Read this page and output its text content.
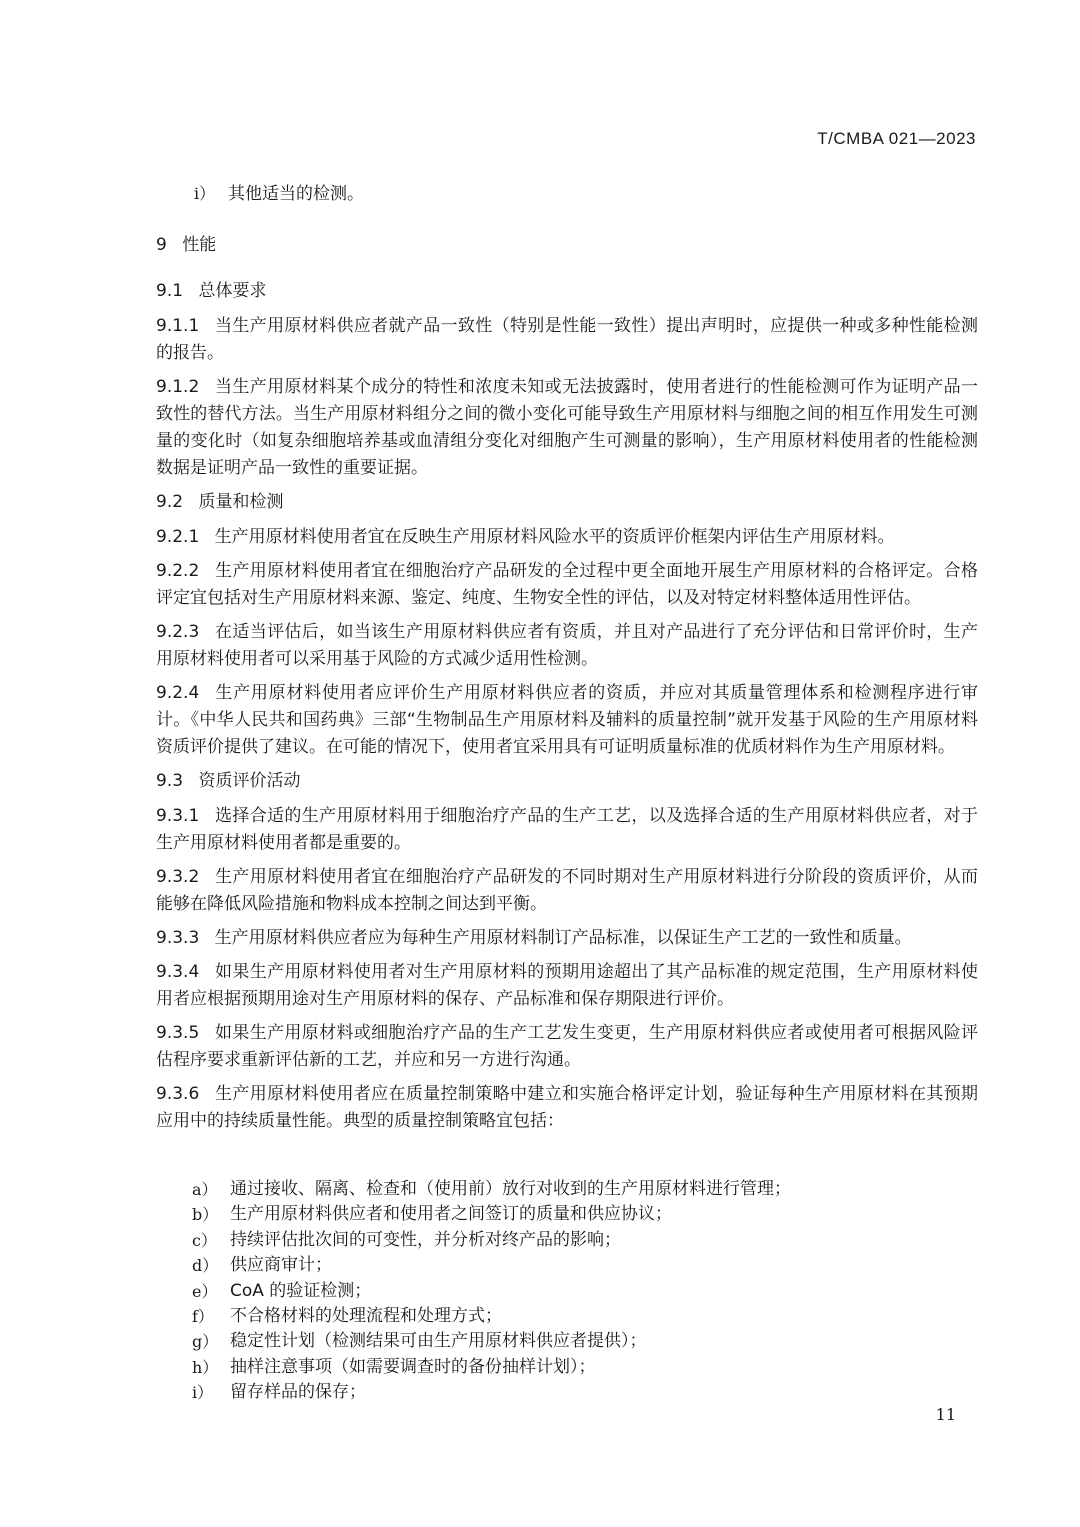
T/CMBA 021—2023

i） 其他适当的检测。

9 性能

9.1 总体要求

9.1.1 当生产用原材料供应者就产品一致性（特别是性能一致性）提出声明时，应提供一种或多种性能检测的报告。

9.1.2 当生产用原材料某个成分的特性和浓度未知或无法披露时，使用者进行的性能检测可作为证明产品一致性的替代方法。当生产用原材料组分之间的微小变化可能导致生产用原材料与细胞之间的相互作用发生可测量的变化时（如复杂细胞培养基或血清组分变化对细胞产生可测量的影响），生产用原材料使用者的性能检测数据是证明产品一致性的重要证据。

9.2 质量和检测

9.2.1 生产用原材料使用者宜在反映生产用原材料风险水平的资质评价框架内评估生产用原材料。

9.2.2 生产用原材料使用者宜在细胞治疗产品研发的全过程中更全面地开展生产用原材料的合格评定。合格评定宜包括对生产用原材料来源、鉴定、纯度、生物安全性的评估，以及对特定材料整体适用性评估。

9.2.3 在适当评估后，如当该生产用原材料供应者有资质，并且对产品进行了充分评估和日常评价时，生产用原材料使用者可以采用基于风险的方式减少适用性检测。

9.2.4 生产用原材料使用者应评价生产用原材料供应者的资质，并应对其质量管理体系和检测程序进行审计。《中华人民共和国药典》三部“生物制品生产用原材料及辅料的质量控制”就开发基于风险的生产用原材料资质评价提供了建议。在可能的情况下，使用者宜采用具有可证明质量标准的优质材料作为生产用原材料。

9.3 资质评价活动

9.3.1 选择合适的生产用原材料用于细胞治疗产品的生产工艺，以及选择合适的生产用原材料供应者，对于生产用原材料使用者都是重要的。

9.3.2 生产用原材料使用者宜在细胞治疗产品研发的不同时期对生产用原材料进行分阶段的资质评价，从而能够在降低风险措施和物料成本控制之间达到平衡。

9.3.3 生产用原材料供应者应为每种生产用原材料制订产品标准，以保证生产工艺的一致性和质量。

9.3.4 如果生产用原材料使用者对生产用原材料的预期用途超出了其产品标准的规定范围，生产用原材料使用者应根据预期用途对生产用原材料的保存、产品标准和保存期限进行评价。

9.3.5 如果生产用原材料或细胞治疗产品的生产工艺发生变更，生产用原材料供应者或使用者可根据风险评估程序要求重新评估新的工艺，并应和另一方进行沟通。

9.3.6 生产用原材料使用者应在质量控制策略中建立和实施合格评定计划，验证每种生产用原材料在其预期应用中的持续质量性能。典型的质量控制策略宜包括：

a） 通过接收、隔离、检查和（使用前）放行对收到的生产用原材料进行管理；
b） 生产用原材料供应者和使用者之间签订的质量和供应协议；
c） 持续评估批次间的可变性，并分析对终产品的影响；
d） 供应商审计；
e） CoA 的验证检测；
f） 不合格材料的处理流程和处理方式；
g） 稳定性计划（检测结果可由生产用原材料供应者提供）；
h） 抽样注意事项（如需要调查时的备份抽样计划）；
i） 留存样品的保存；
11
